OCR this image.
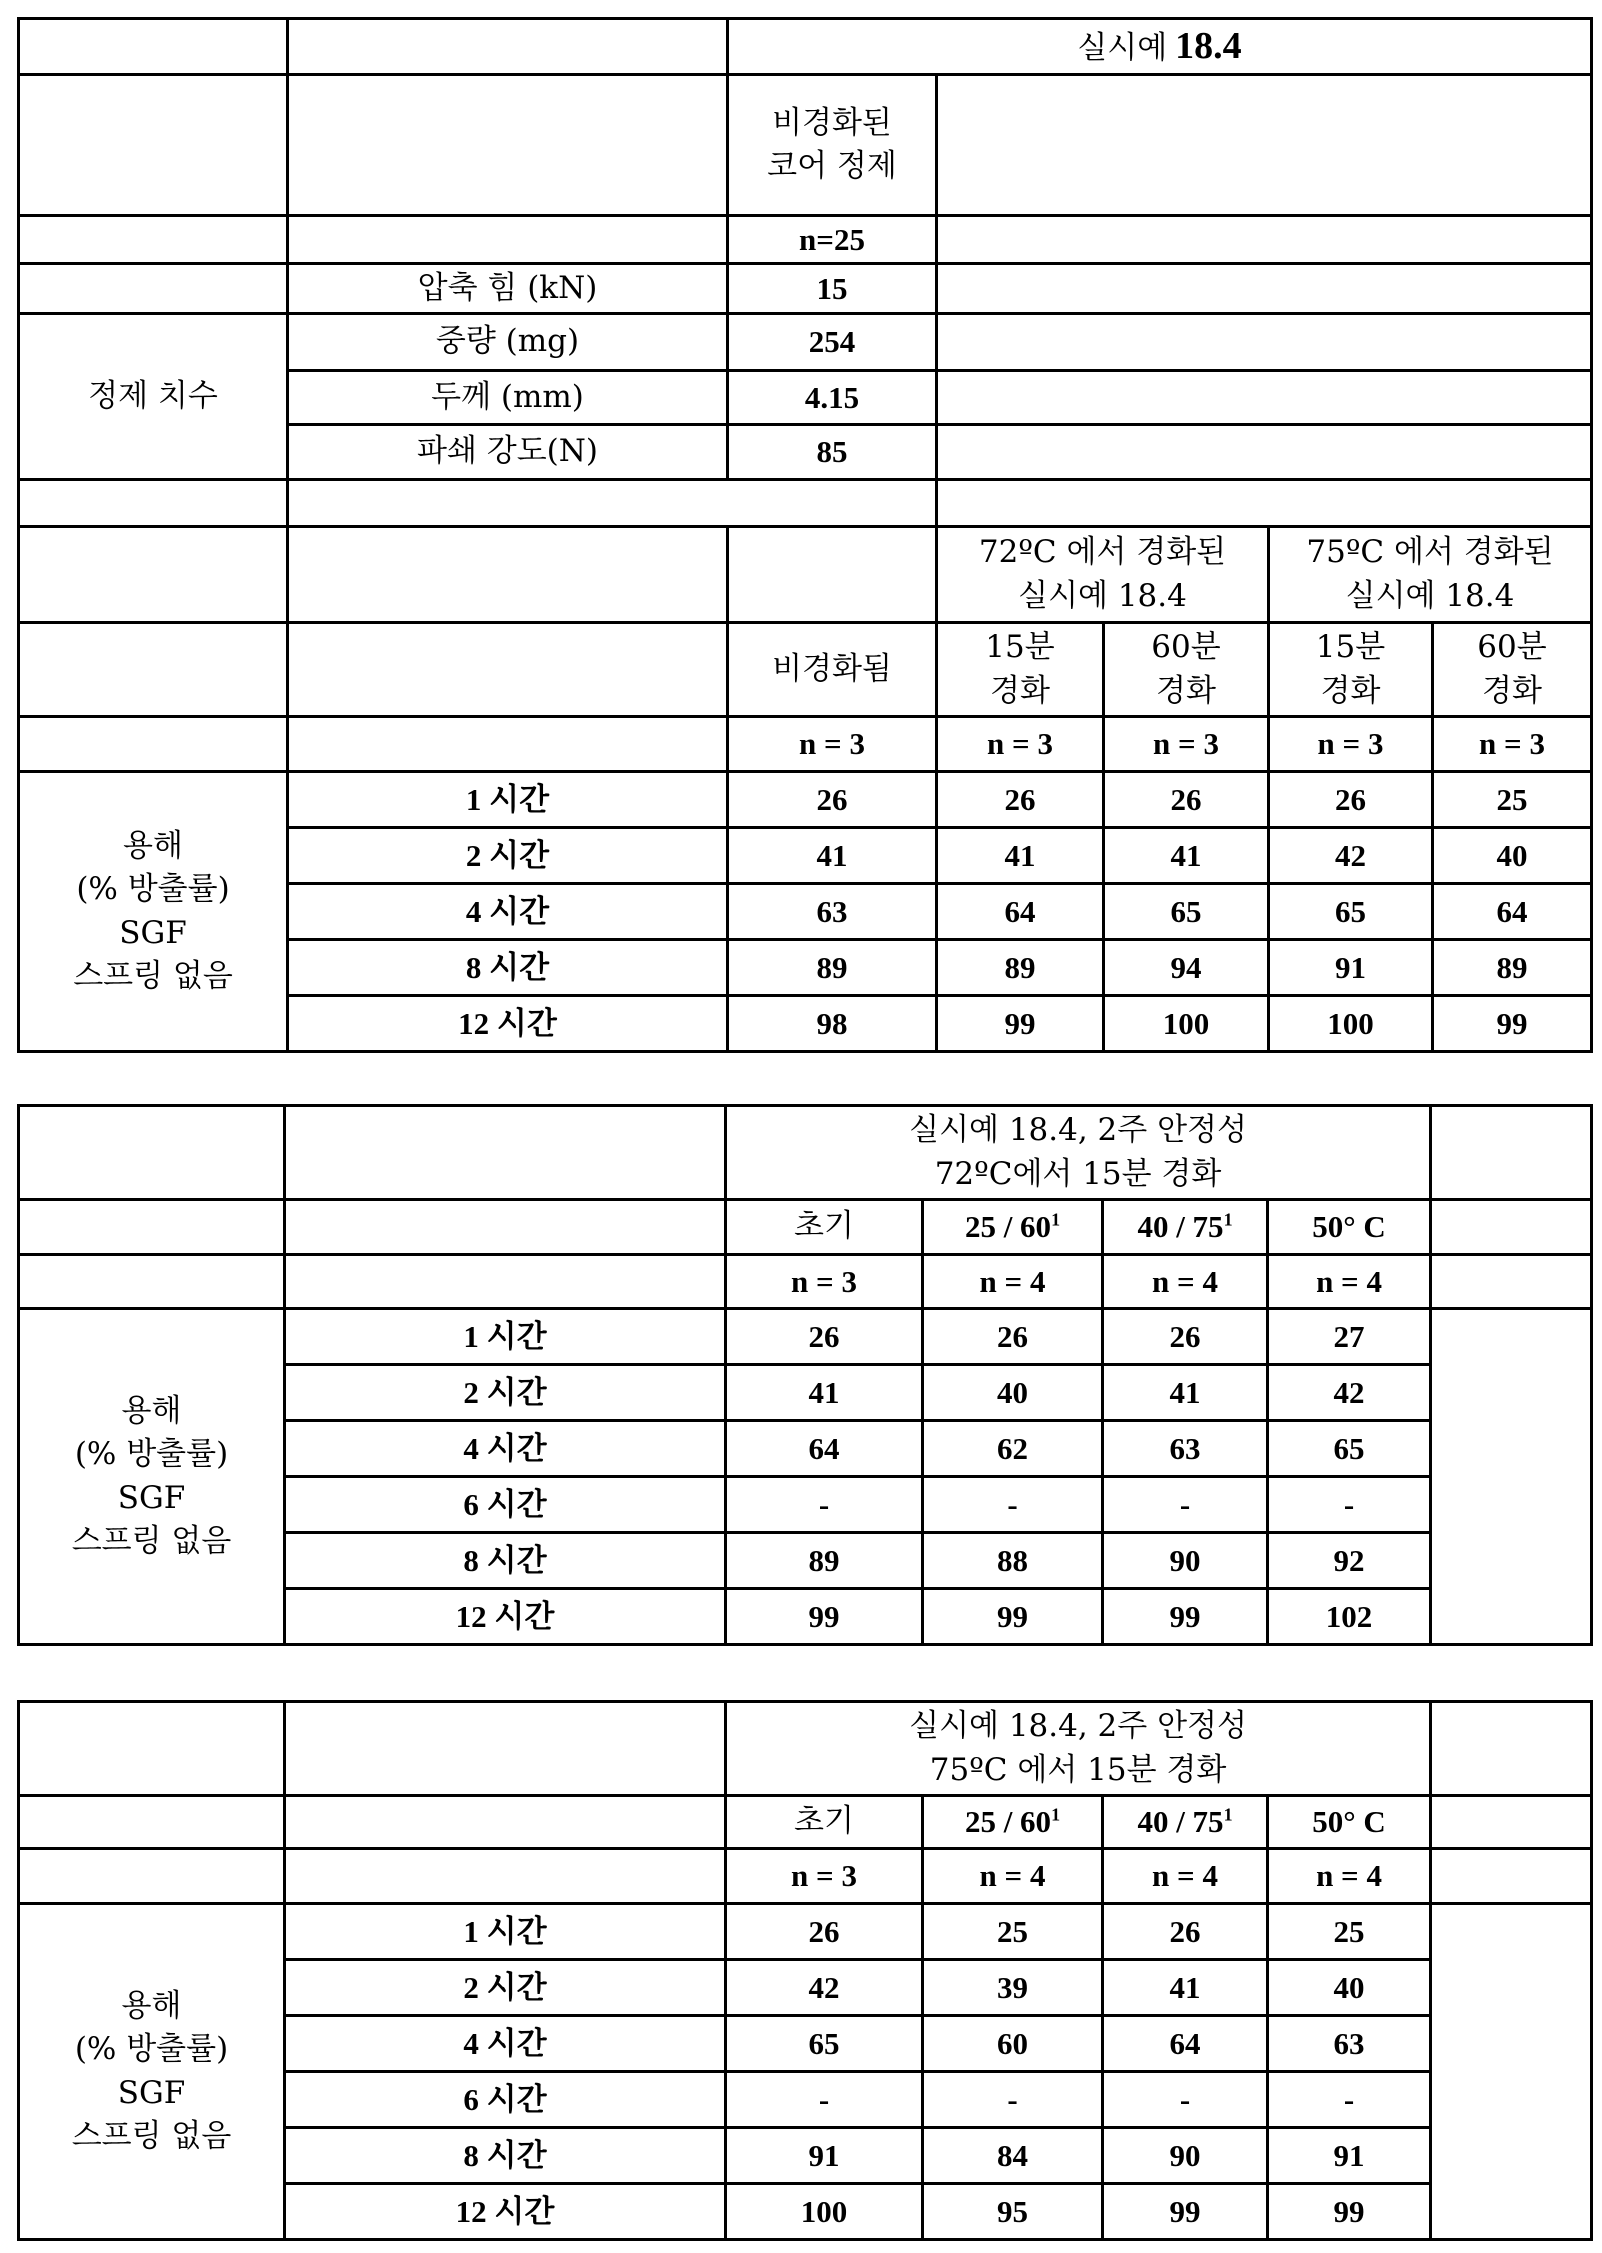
		실시예 18.4
		비경화된
코어 정제	
		n=25	
	압축 힘 (kN)	15	
정제 치수	중량 (mg)	254	
두께 (mm)	4.15	
파쇄 강도(N)	85	

			72ºC 에서 경화된
실시예 18.4	75ºC 에서 경화된
실시예 18.4
		비경화됨	15분
경화	60분
경화	15분
경화	60분
경화
		n = 3	n = 3	n = 3	n = 3	n = 3
용해
(% 방출률)
SGF
스프링 없음	1 시간	26	26	26	26	25
2 시간	41	41	41	42	40
4 시간	63	64	65	65	64
8 시간	89	89	94	91	89
12 시간	98	99	100	100	99
		실시예 18.4, 2주 안정성
72ºC에서 15분 경화	
		초기	25 / 601	40 / 751	50° C	
		n = 3	n = 4	n = 4	n = 4	
용해
(% 방출률)
SGF
스프링 없음	1 시간	26	26	26	27	
2 시간	41	40	41	42
4 시간	64	62	63	65
6 시간	-	-	-	-
8 시간	89	88	90	92
12 시간	99	99	99	102
		실시예 18.4, 2주 안정성
75ºC 에서 15분 경화	
		초기	25 / 601	40 / 751	50° C	
		n = 3	n = 4	n = 4	n = 4	
용해
(% 방출률)
SGF
스프링 없음	1 시간	26	25	26	25	
2 시간	42	39	41	40
4 시간	65	60	64	63
6 시간	-	-	-	-
8 시간	91	84	90	91
12 시간	100	95	99	99
